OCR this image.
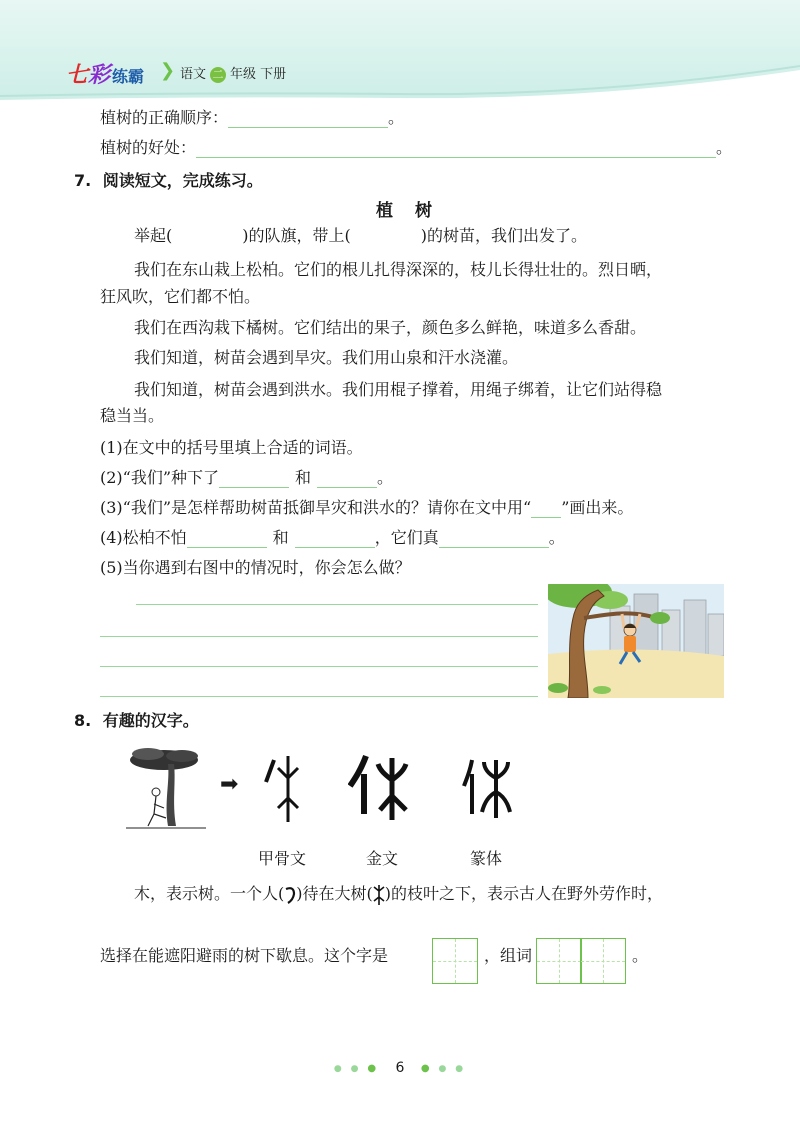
七彩 练霸 ❯ 语文 二 年级 下册
植树的正确顺序：	。
植树的好处：	。
7. 阅读短文，完成练习。
植树
举起(	)的队旗，带上(	)的树苗，我们出发了。
我们在东山栽上松柏。它们的根儿扎得深深的，枝儿长得壮壮的。烈日晒，
狂风吹，它们都不怕。
我们在西沟栽下橘树。它们结出的果子，颜色多么鲜艳，味道多么香甜。
我们知道，树苗会遇到旱灾。我们用山泉和汗水浇灌。
我们知道，树苗会遇到洪水。我们用棍子撑着，用绳子绑着，让它们站得稳
稳当当。
(1)在文中的括号里填上合适的词语。
(2)“我们”种下了	和	。
(3)“我们”是怎样帮助树苗抵御旱灾和洪水的？请你在文中用“ ”画出来。
(4)松柏不怕	和	，它们真	。
(5)当你遇到右图中的情况时，你会怎么做？
8. 有趣的汉字。
➡
甲骨文	金文	篆体
木，表示树。一个人( )待在大树( )的枝叶之下，表示古人在野外劳作时，
选择在能遮阳避雨的树下歇息。这个字是	，组词	。
● ● ● 6 ● ● ●
